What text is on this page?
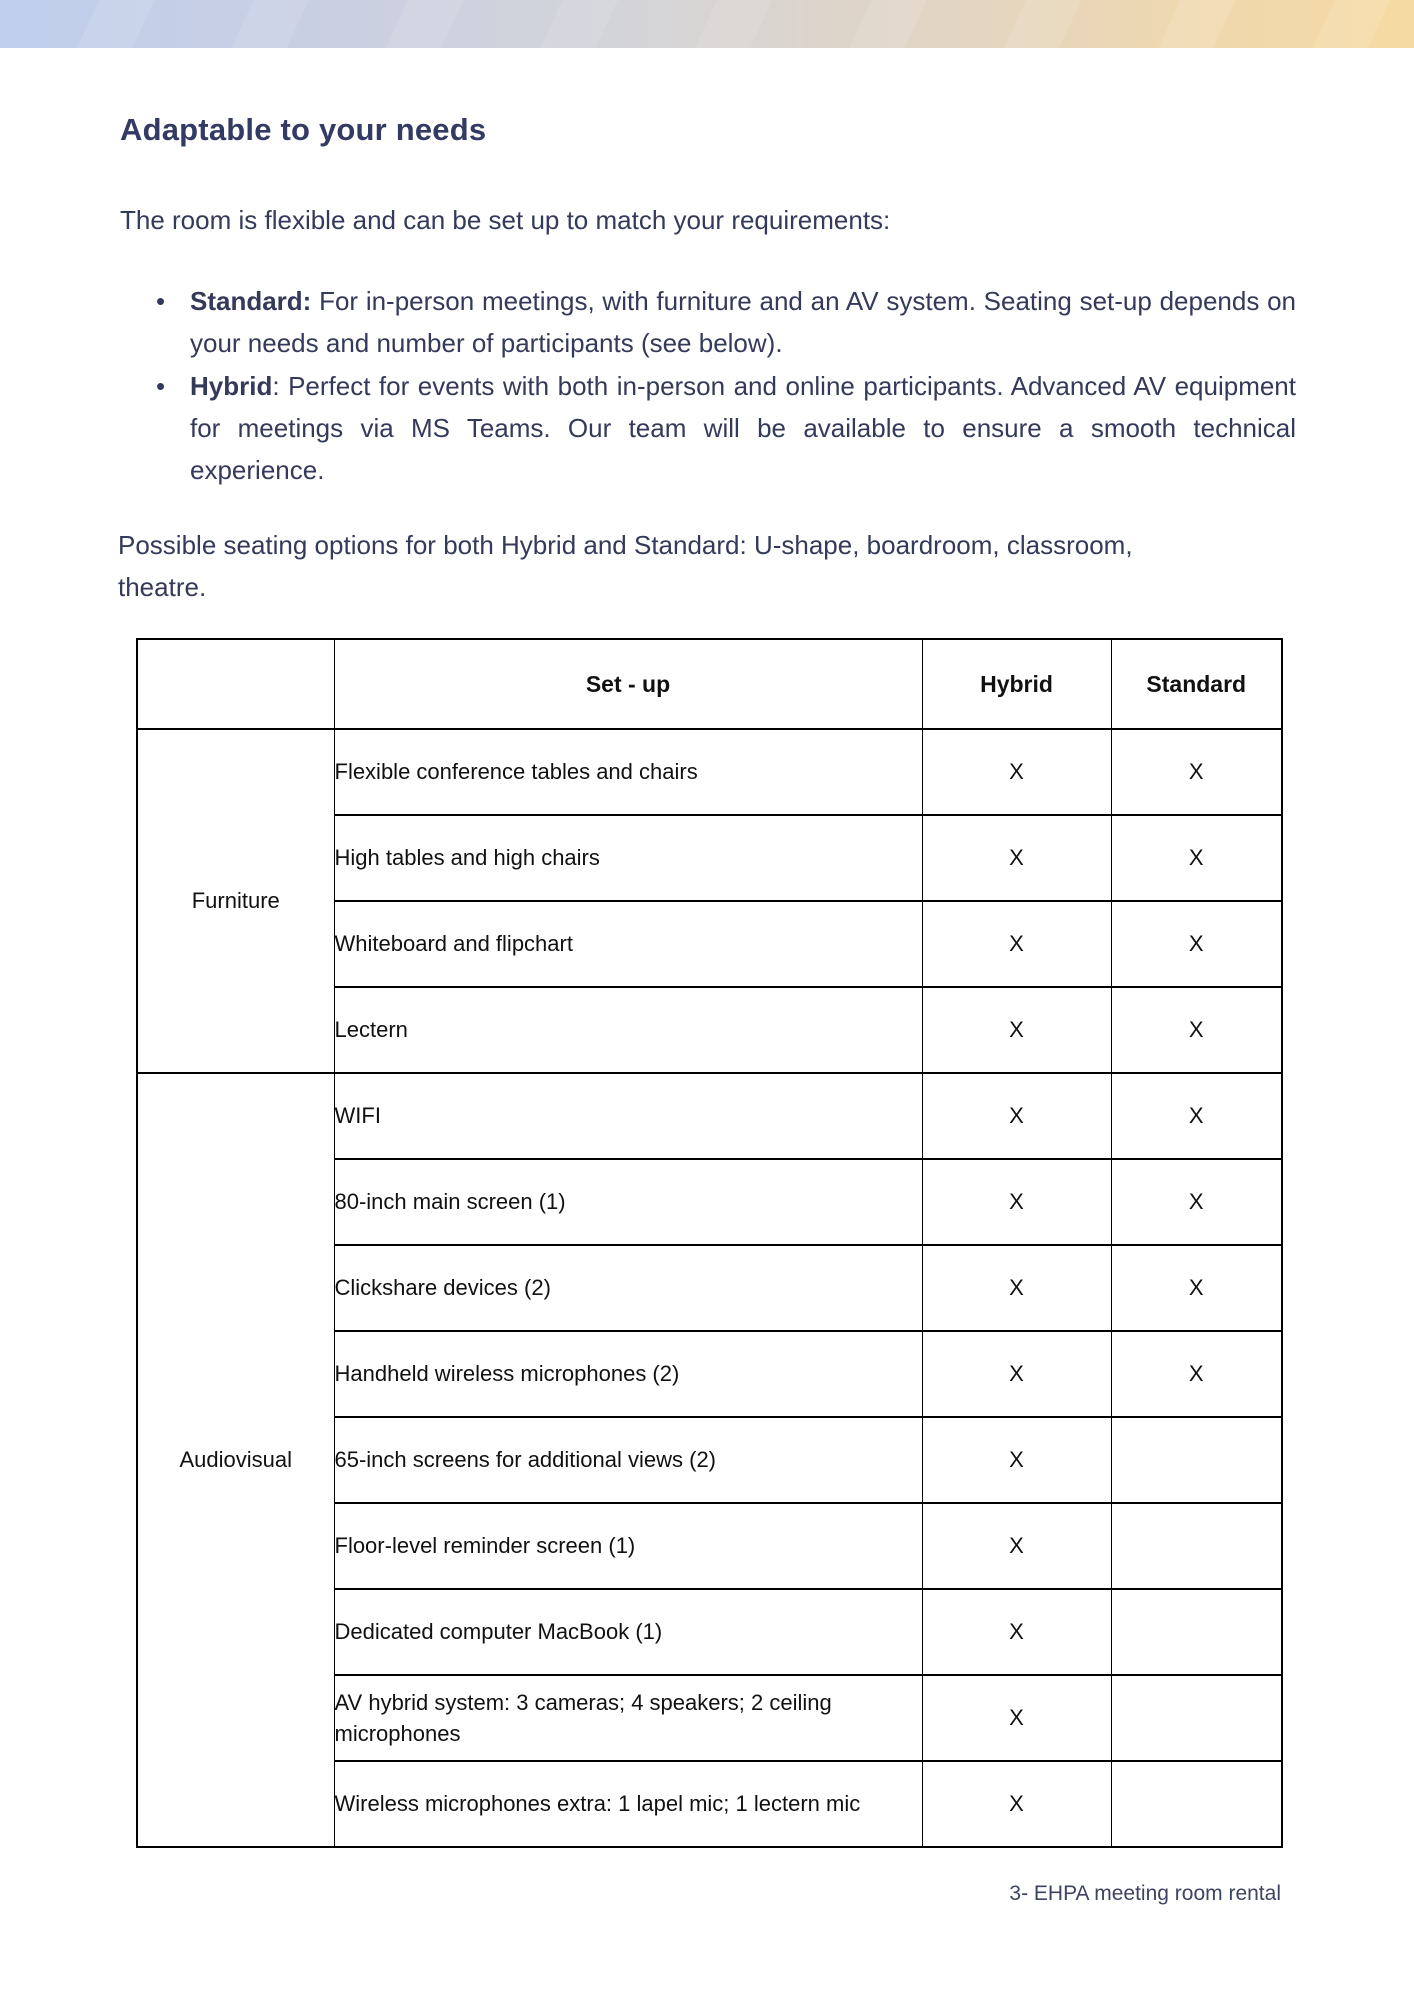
Adaptable to your needs

The room is flexible and can be set up to match your requirements:

• Standard: For in-person meetings, with furniture and an AV system. Seating set-up depends on your needs and number of participants (see below).
• Hybrid: Perfect for events with both in-person and online participants. Advanced AV equipment for meetings via MS Teams. Our team will be available to ensure a smooth technical experience.

Possible seating options for both Hybrid and Standard: U-shape, boardroom, classroom, theatre.

	Set - up	Hybrid	Standard
Furniture	Flexible conference tables and chairs	X	X
	High tables and high chairs	X	X
	Whiteboard and flipchart	X	X
	Lectern	X	X
Audiovisual	WIFI	X	X
	80-inch main screen (1)	X	X
	Clickshare devices (2)	X	X
	Handheld wireless microphones (2)	X	X
	65-inch screens for additional views (2)	X	
	Floor-level reminder screen (1)	X	
	Dedicated computer MacBook (1)	X	
	AV hybrid system: 3 cameras; 4 speakers; 2 ceiling microphones	X	
	Wireless microphones extra: 1 lapel mic; 1 lectern mic	X	
3- EHPA meeting room rental
